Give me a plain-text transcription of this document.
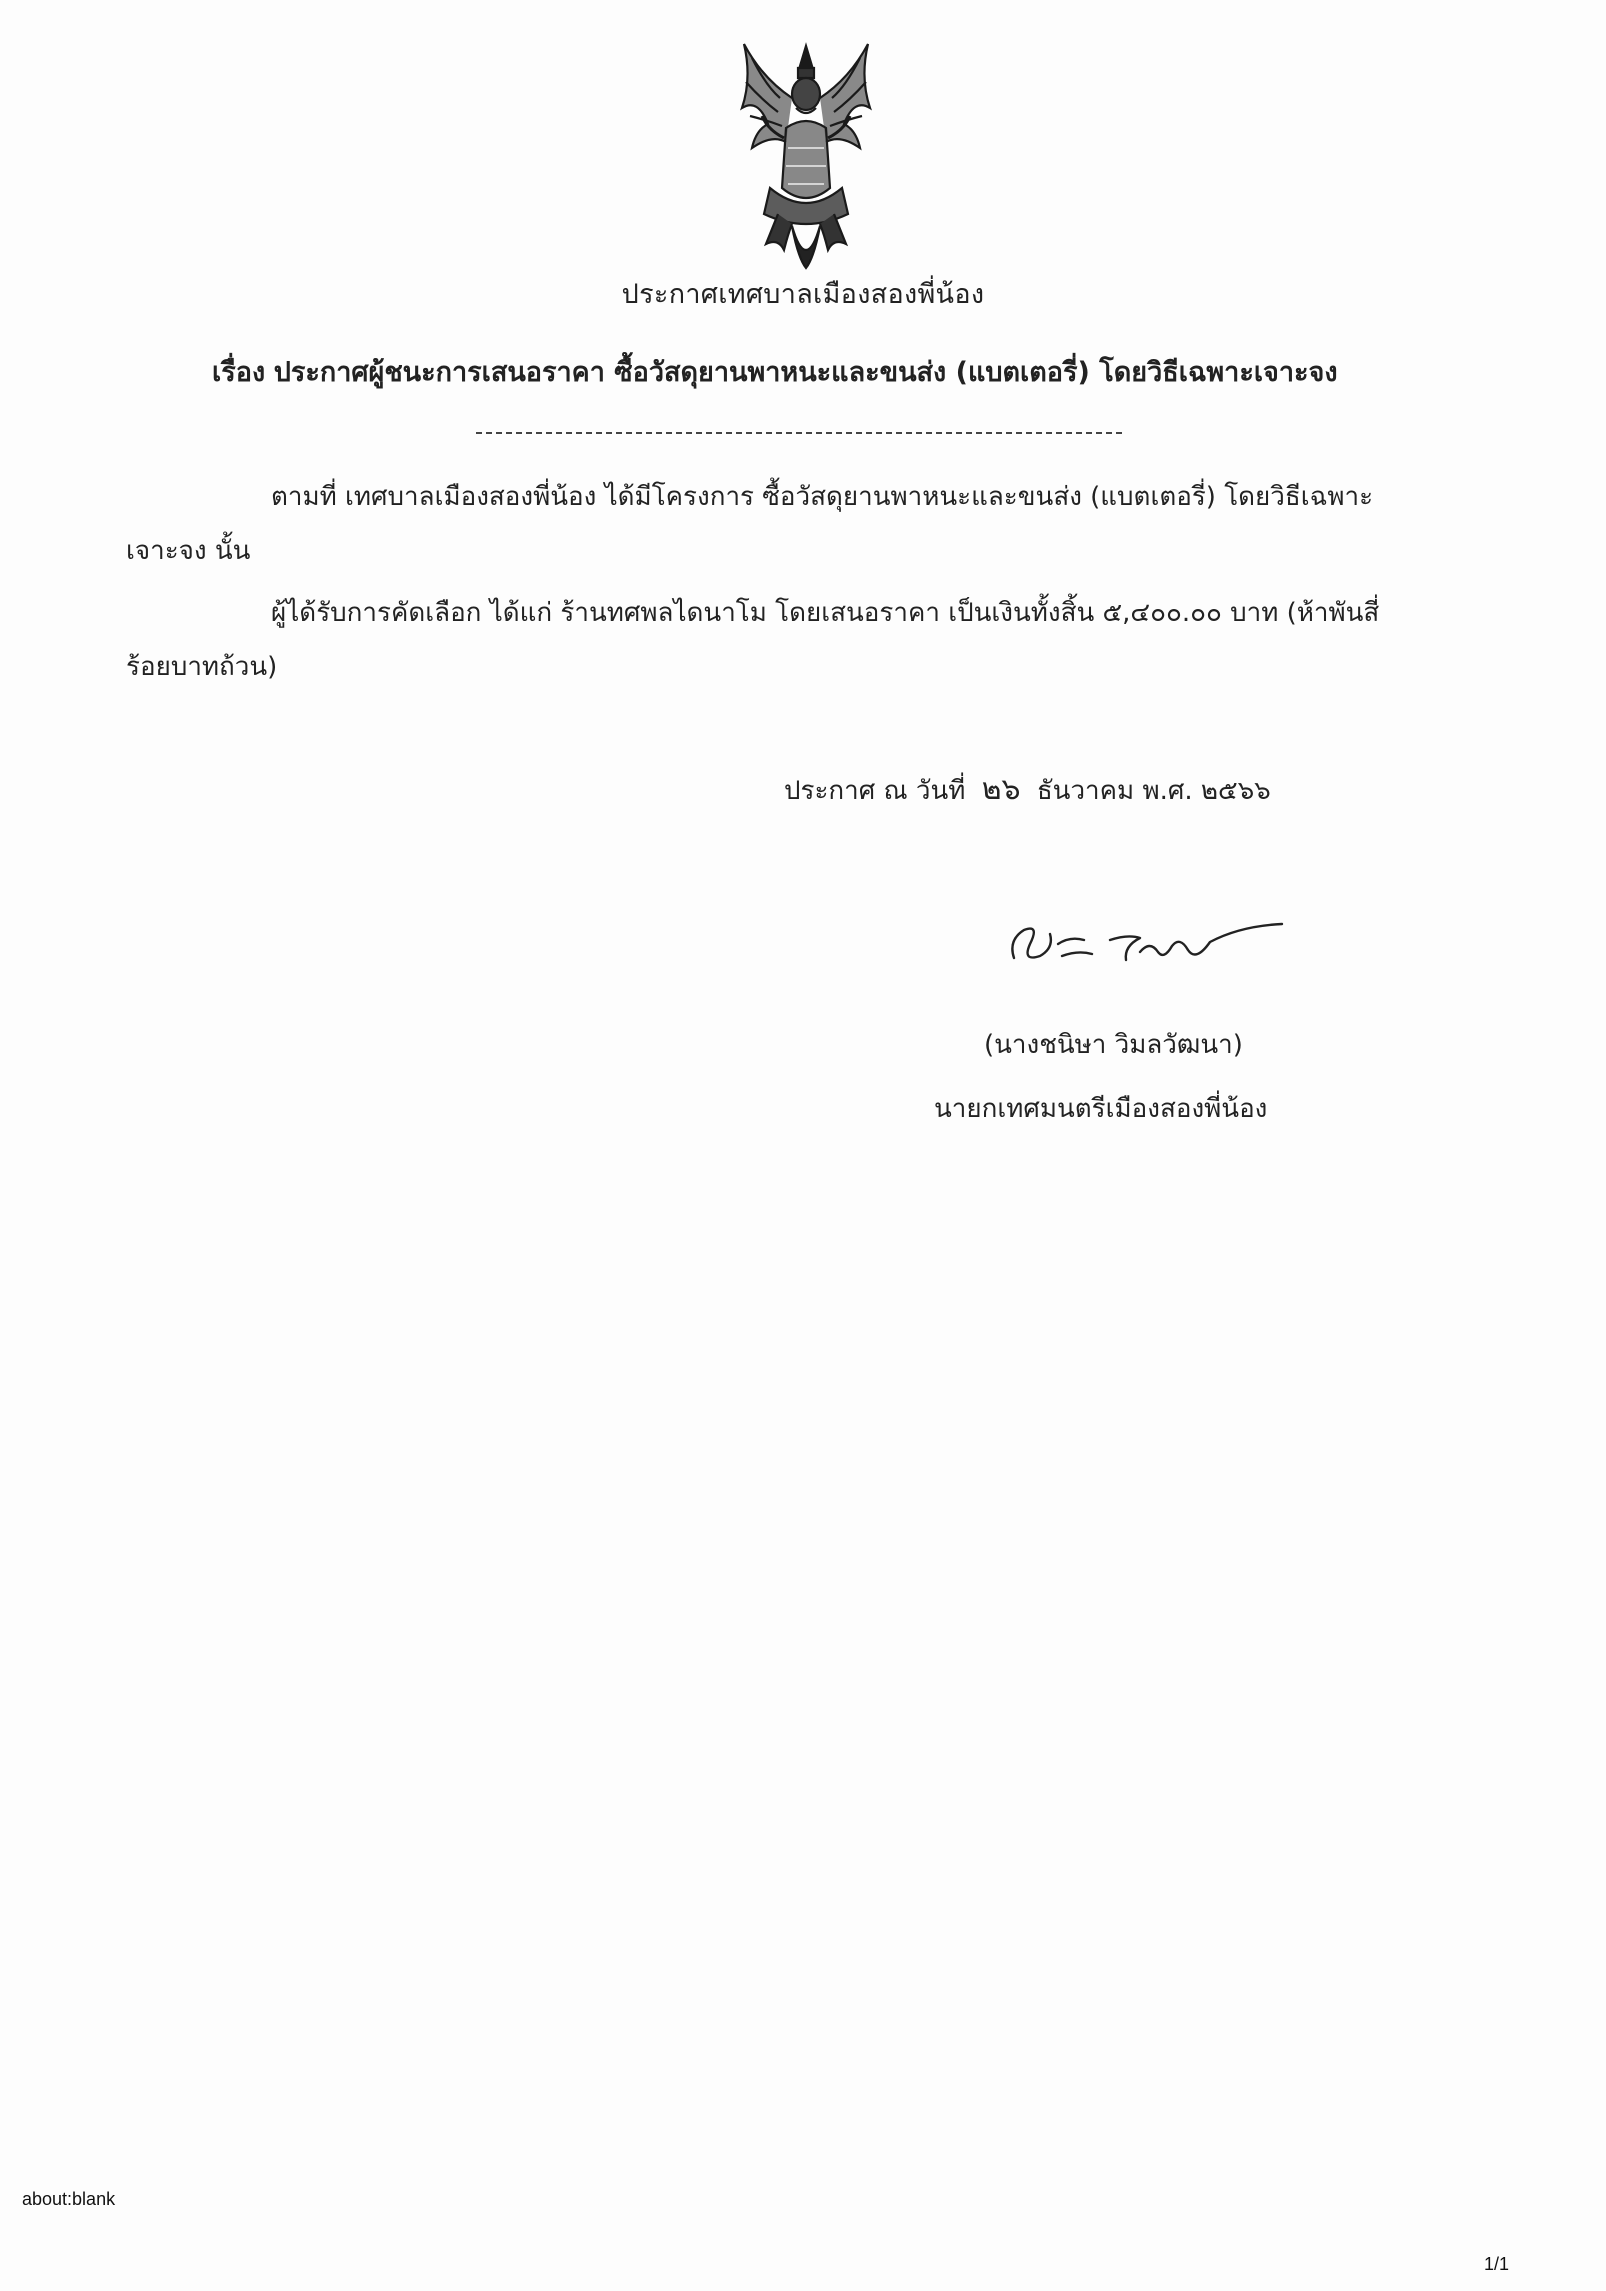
ประกาศเทศบาลเมืองสองพี่น้อง
เรื่อง ประกาศผู้ชนะการเสนอราคา ซื้อวัสดุยานพาหนะและขนส่ง (แบตเตอรี่) โดยวิธีเฉพาะเจาะจง
ตามที่ เทศบาลเมืองสองพี่น้อง ได้มีโครงการ ซื้อวัสดุยานพาหนะและขนส่ง (แบตเตอรี่) โดยวิธีเฉพาะเจาะจง นั้น
ผู้ได้รับการคัดเลือก ได้แก่ ร้านทศพลไดนาโม โดยเสนอราคา เป็นเงินทั้งสิ้น ๕,๔๐๐.๐๐ บาท (ห้าพันสี่ร้อยบาทถ้วน)
ประกาศ ณ วันที่ ๒๖ ธันวาคม พ.ศ. ๒๕๖๖
(นางชนิษา วิมลวัฒนา)
นายกเทศมนตรีเมืองสองพี่น้อง
about:blank
1/1
